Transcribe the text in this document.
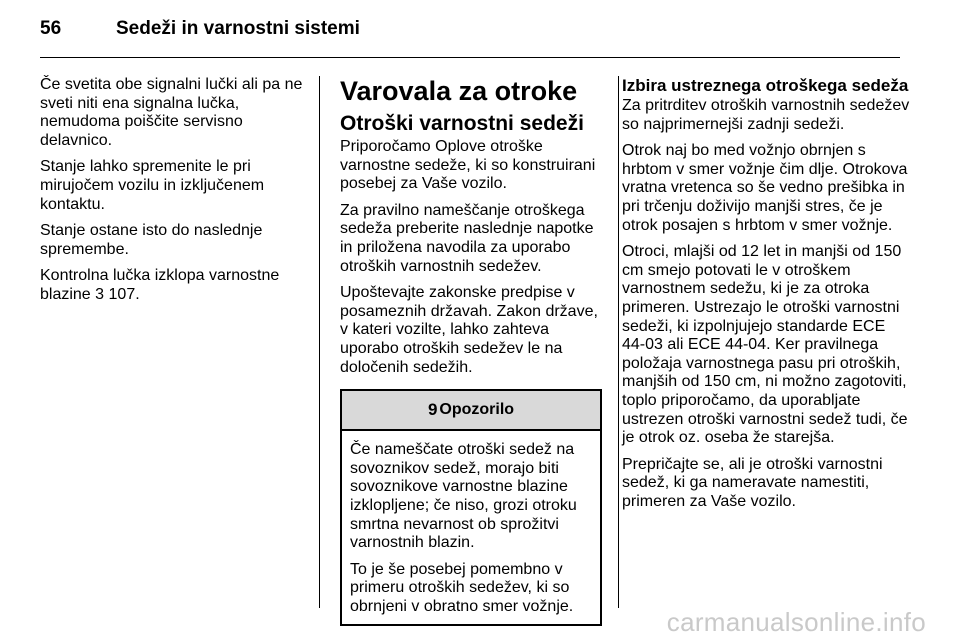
56	Sedeži in varnostni sistemi

Če svetita obe signalni lučki ali pa ne sveti niti ena signalna lučka, nemudoma poiščite servisno delavnico.

Stanje lahko spremenite le pri mirujočem vozilu in izključenem kontaktu.

Stanje ostane isto do naslednje spremembe.

Kontrolna lučka izklopa varnostne blazine 3 107.

Varovala za otroke
Otroški varnostni sedeži

Priporočamo Oplove otroške varnostne sedeže, ki so konstruirani posebej za Vaše vozilo.

Za pravilno nameščanje otroškega sedeža preberite naslednje napotke in priložena navodila za uporabo otroških varnostnih sedežev.

Upoštevajte zakonske predpise v posameznih državah. Zakon države, v kateri vozilte, lahko zahteva uporabo otroških sedežev le na določenih sedežih.

9 Opozorilo

Če nameščate otroški sedež na sovoznikov sedež, morajo biti sovoznikove varnostne blazine izklopljene; če niso, grozi otroku smrtna nevarnost ob sprožitvi varnostnih blazin.

To je še posebej pomembno v primeru otroških sedežev, ki so obrnjeni v obratno smer vožnje.

Izbira ustreznega otroškega sedeža

Za pritrditev otroških varnostnih sedežev so najprimernejši zadnji sedeži.

Otrok naj bo med vožnjo obrnjen s hrbtom v smer vožnje čim dlje. Otrokova vratna vretenca so še vedno prešibka in pri trčenju doživijo manjši stres, če je otrok posajen s hrbtom v smer vožnje.

Otroci, mlajši od 12 let in manjši od 150 cm smejo potovati le v otroškem varnostnem sedežu, ki je za otroka primeren. Ustrezajo le otroški varnostni sedeži, ki izpolnjujejo standarde ECE 44-03 ali ECE 44-04. Ker pravilnega položaja varnostnega pasu pri otroških, manjših od 150 cm, ni možno zagotoviti, toplo priporočamo, da uporabljate ustrezen otroški varnostni sedež tudi, če je otrok oz. oseba že starejša.

Prepričajte se, ali je otroški varnostni sedež, ki ga nameravate namestiti, primeren za Vaše vozilo.

carmanualsonline.info
